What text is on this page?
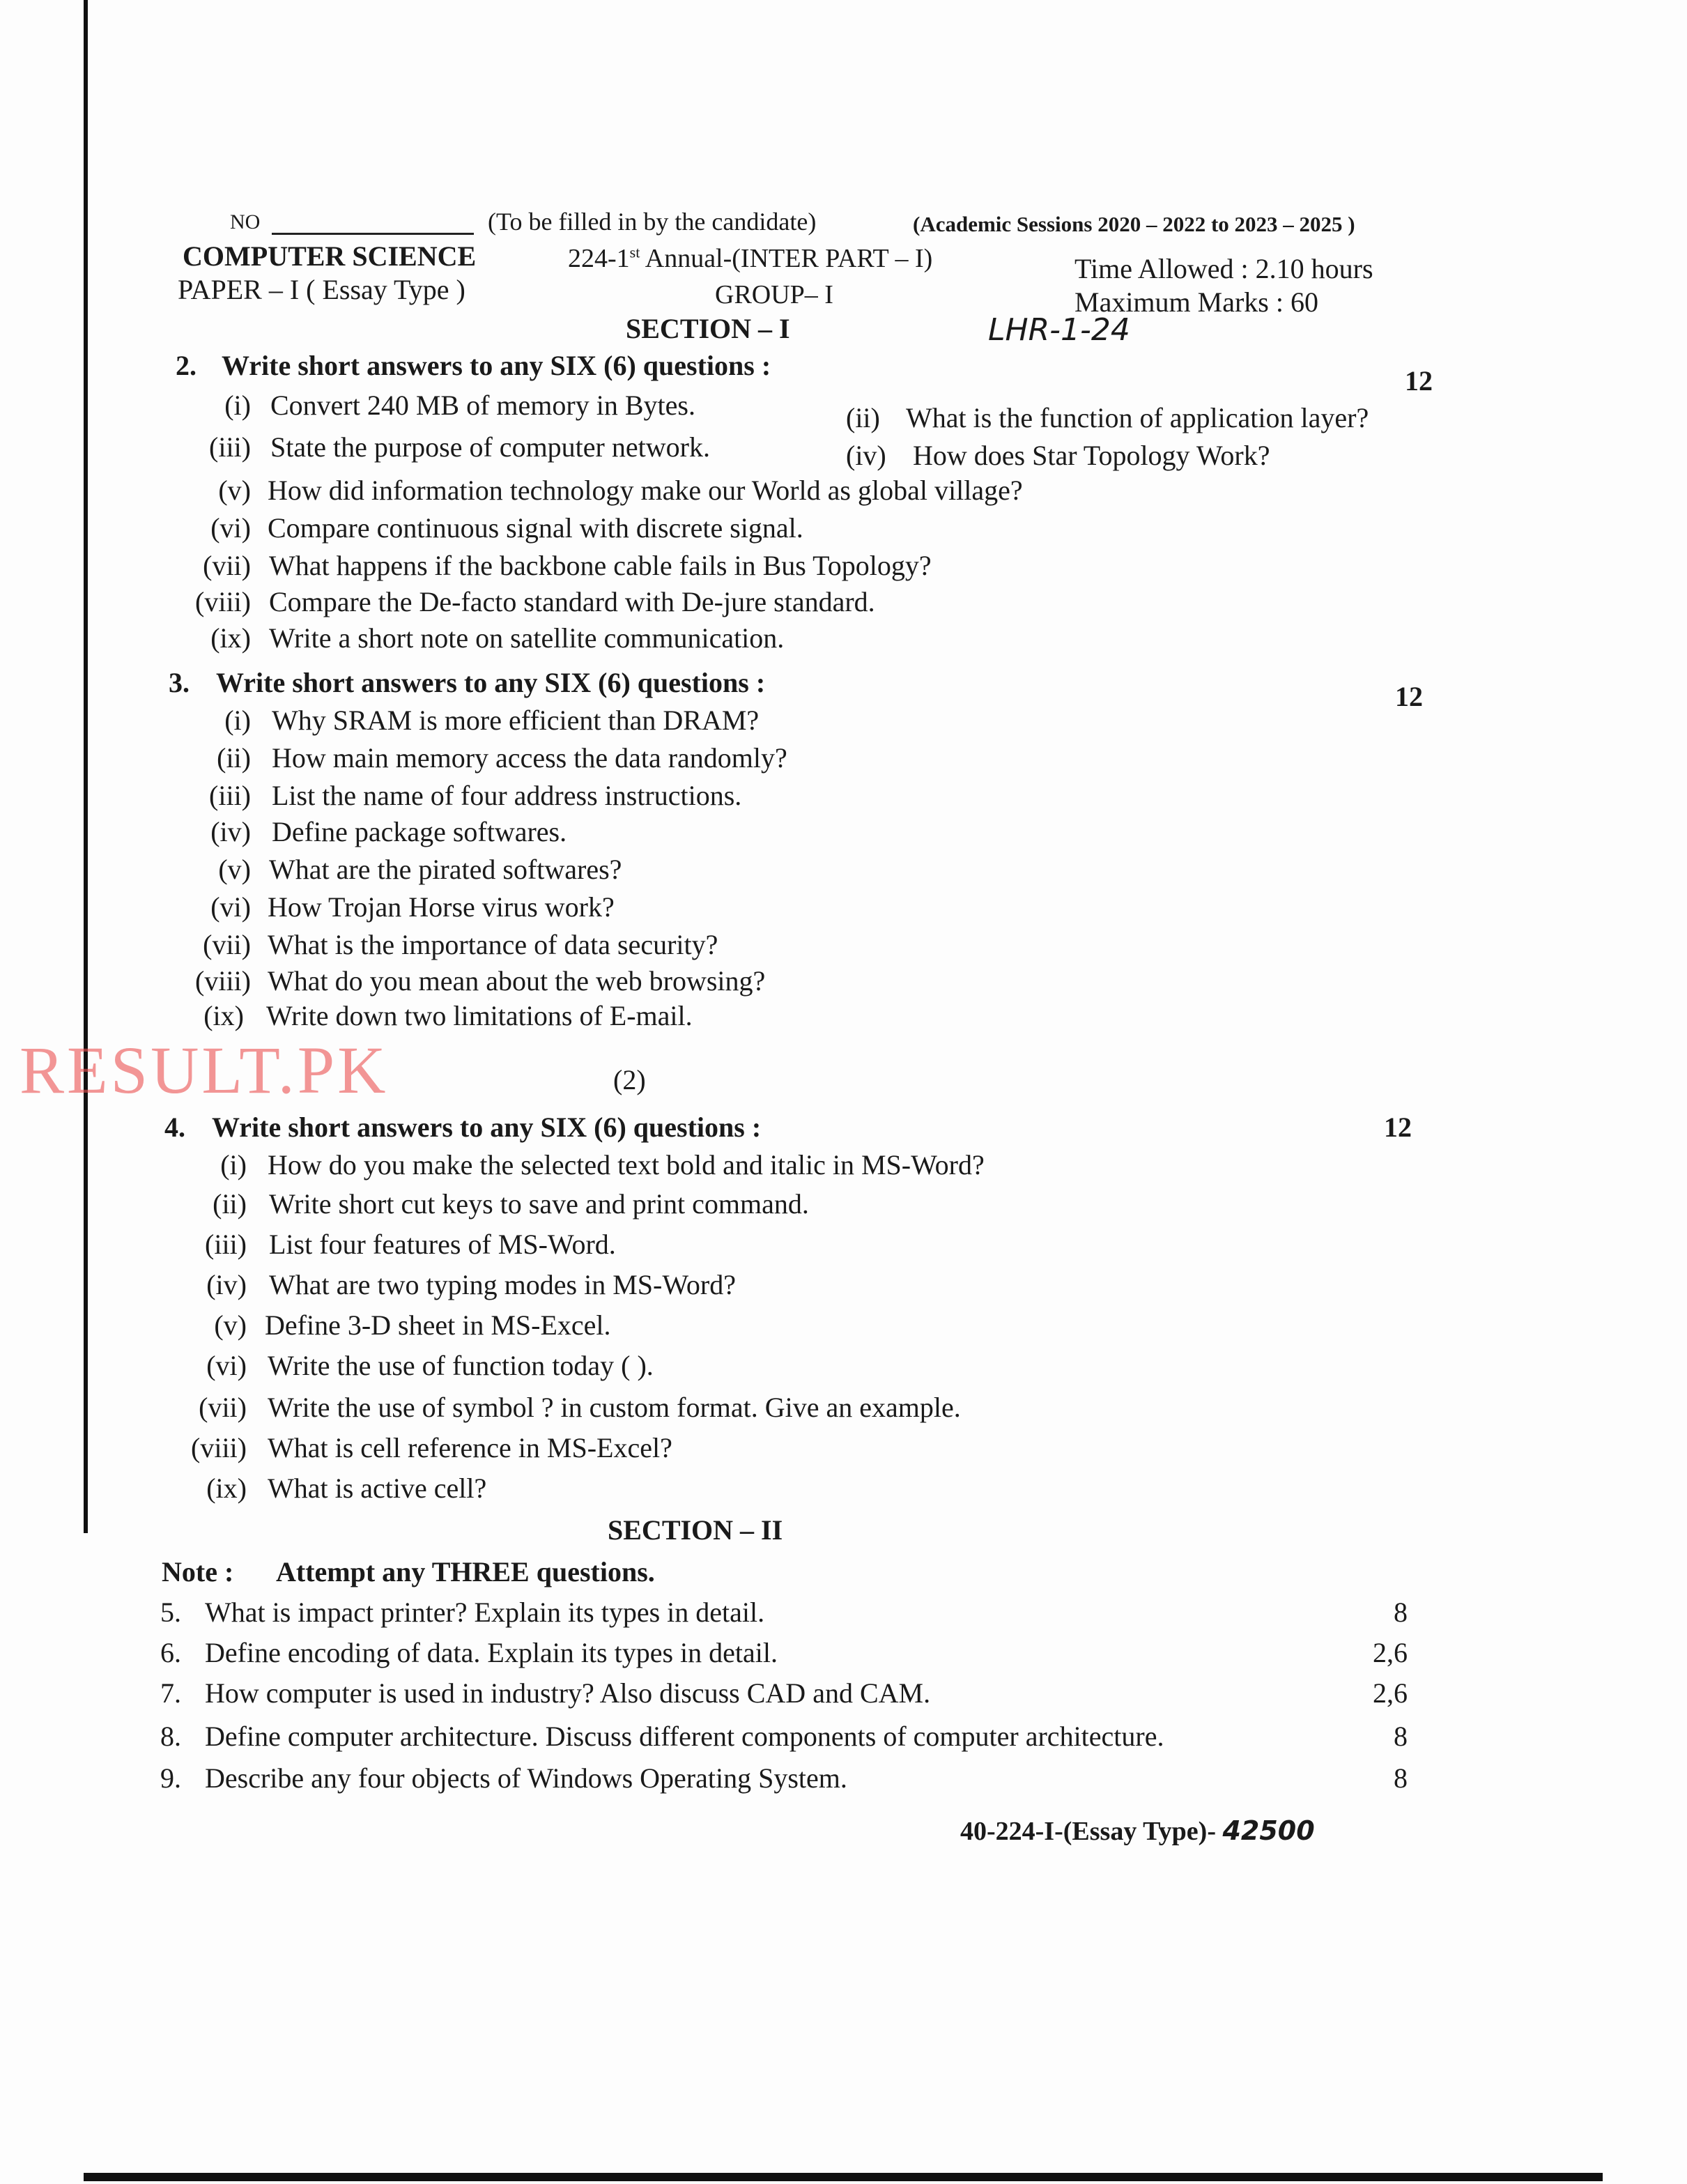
NO	(To be filled in by the candidate)	(Academic Sessions 2020 – 2022 to 2023 – 2025 )
COMPUTER SCIENCE	224-1st Annual-(INTER PART – I)	Time Allowed : 2.10 hours
PAPER – I ( Essay Type )	GROUP– I	Maximum Marks : 60
SECTION – I	LHR-1-24
2. Write short answers to any SIX (6) questions :	12
(i) Convert 240 MB of memory in Bytes.	(ii) What is the function of application layer?
(iii) State the purpose of computer network.	(iv) How does Star Topology Work?
(v) How did information technology make our World as global village?
(vi) Compare continuous signal with discrete signal.
(vii) What happens if the backbone cable fails in Bus Topology?
(viii) Compare the De-facto standard with De-jure standard.
(ix) Write a short note on satellite communication.
3. Write short answers to any SIX (6) questions :	12
(i) Why SRAM is more efficient than DRAM?
(ii) How main memory access the data randomly?
(iii) List the name of four address instructions.
(iv) Define package softwares.
(v) What are the pirated softwares?
(vi) How Trojan Horse virus work?
(vii) What is the importance of data security?
(viii) What do you mean about the web browsing?
(ix) Write down two limitations of E-mail.
RESULT.PK	(2)
4. Write short answers to any SIX (6) questions :	12
(i) How do you make the selected text bold and italic in MS-Word?
(ii) Write short cut keys to save and print command.
(iii) List four features of MS-Word.
(iv) What are two typing modes in MS-Word?
(v) Define 3-D sheet in MS-Excel.
(vi) Write the use of function today ( ).
(vii) Write the use of symbol ? in custom format. Give an example.
(viii) What is cell reference in MS-Excel?
(ix) What is active cell?
SECTION – II
Note : Attempt any THREE questions.
5. What is impact printer? Explain its types in detail.	8
6. Define encoding of data. Explain its types in detail.	2,6
7. How computer is used in industry? Also discuss CAD and CAM.	2,6
8. Define computer architecture. Discuss different components of computer architecture.	8
9. Describe any four objects of Windows Operating System.	8
40-224-I-(Essay Type)- 42500
